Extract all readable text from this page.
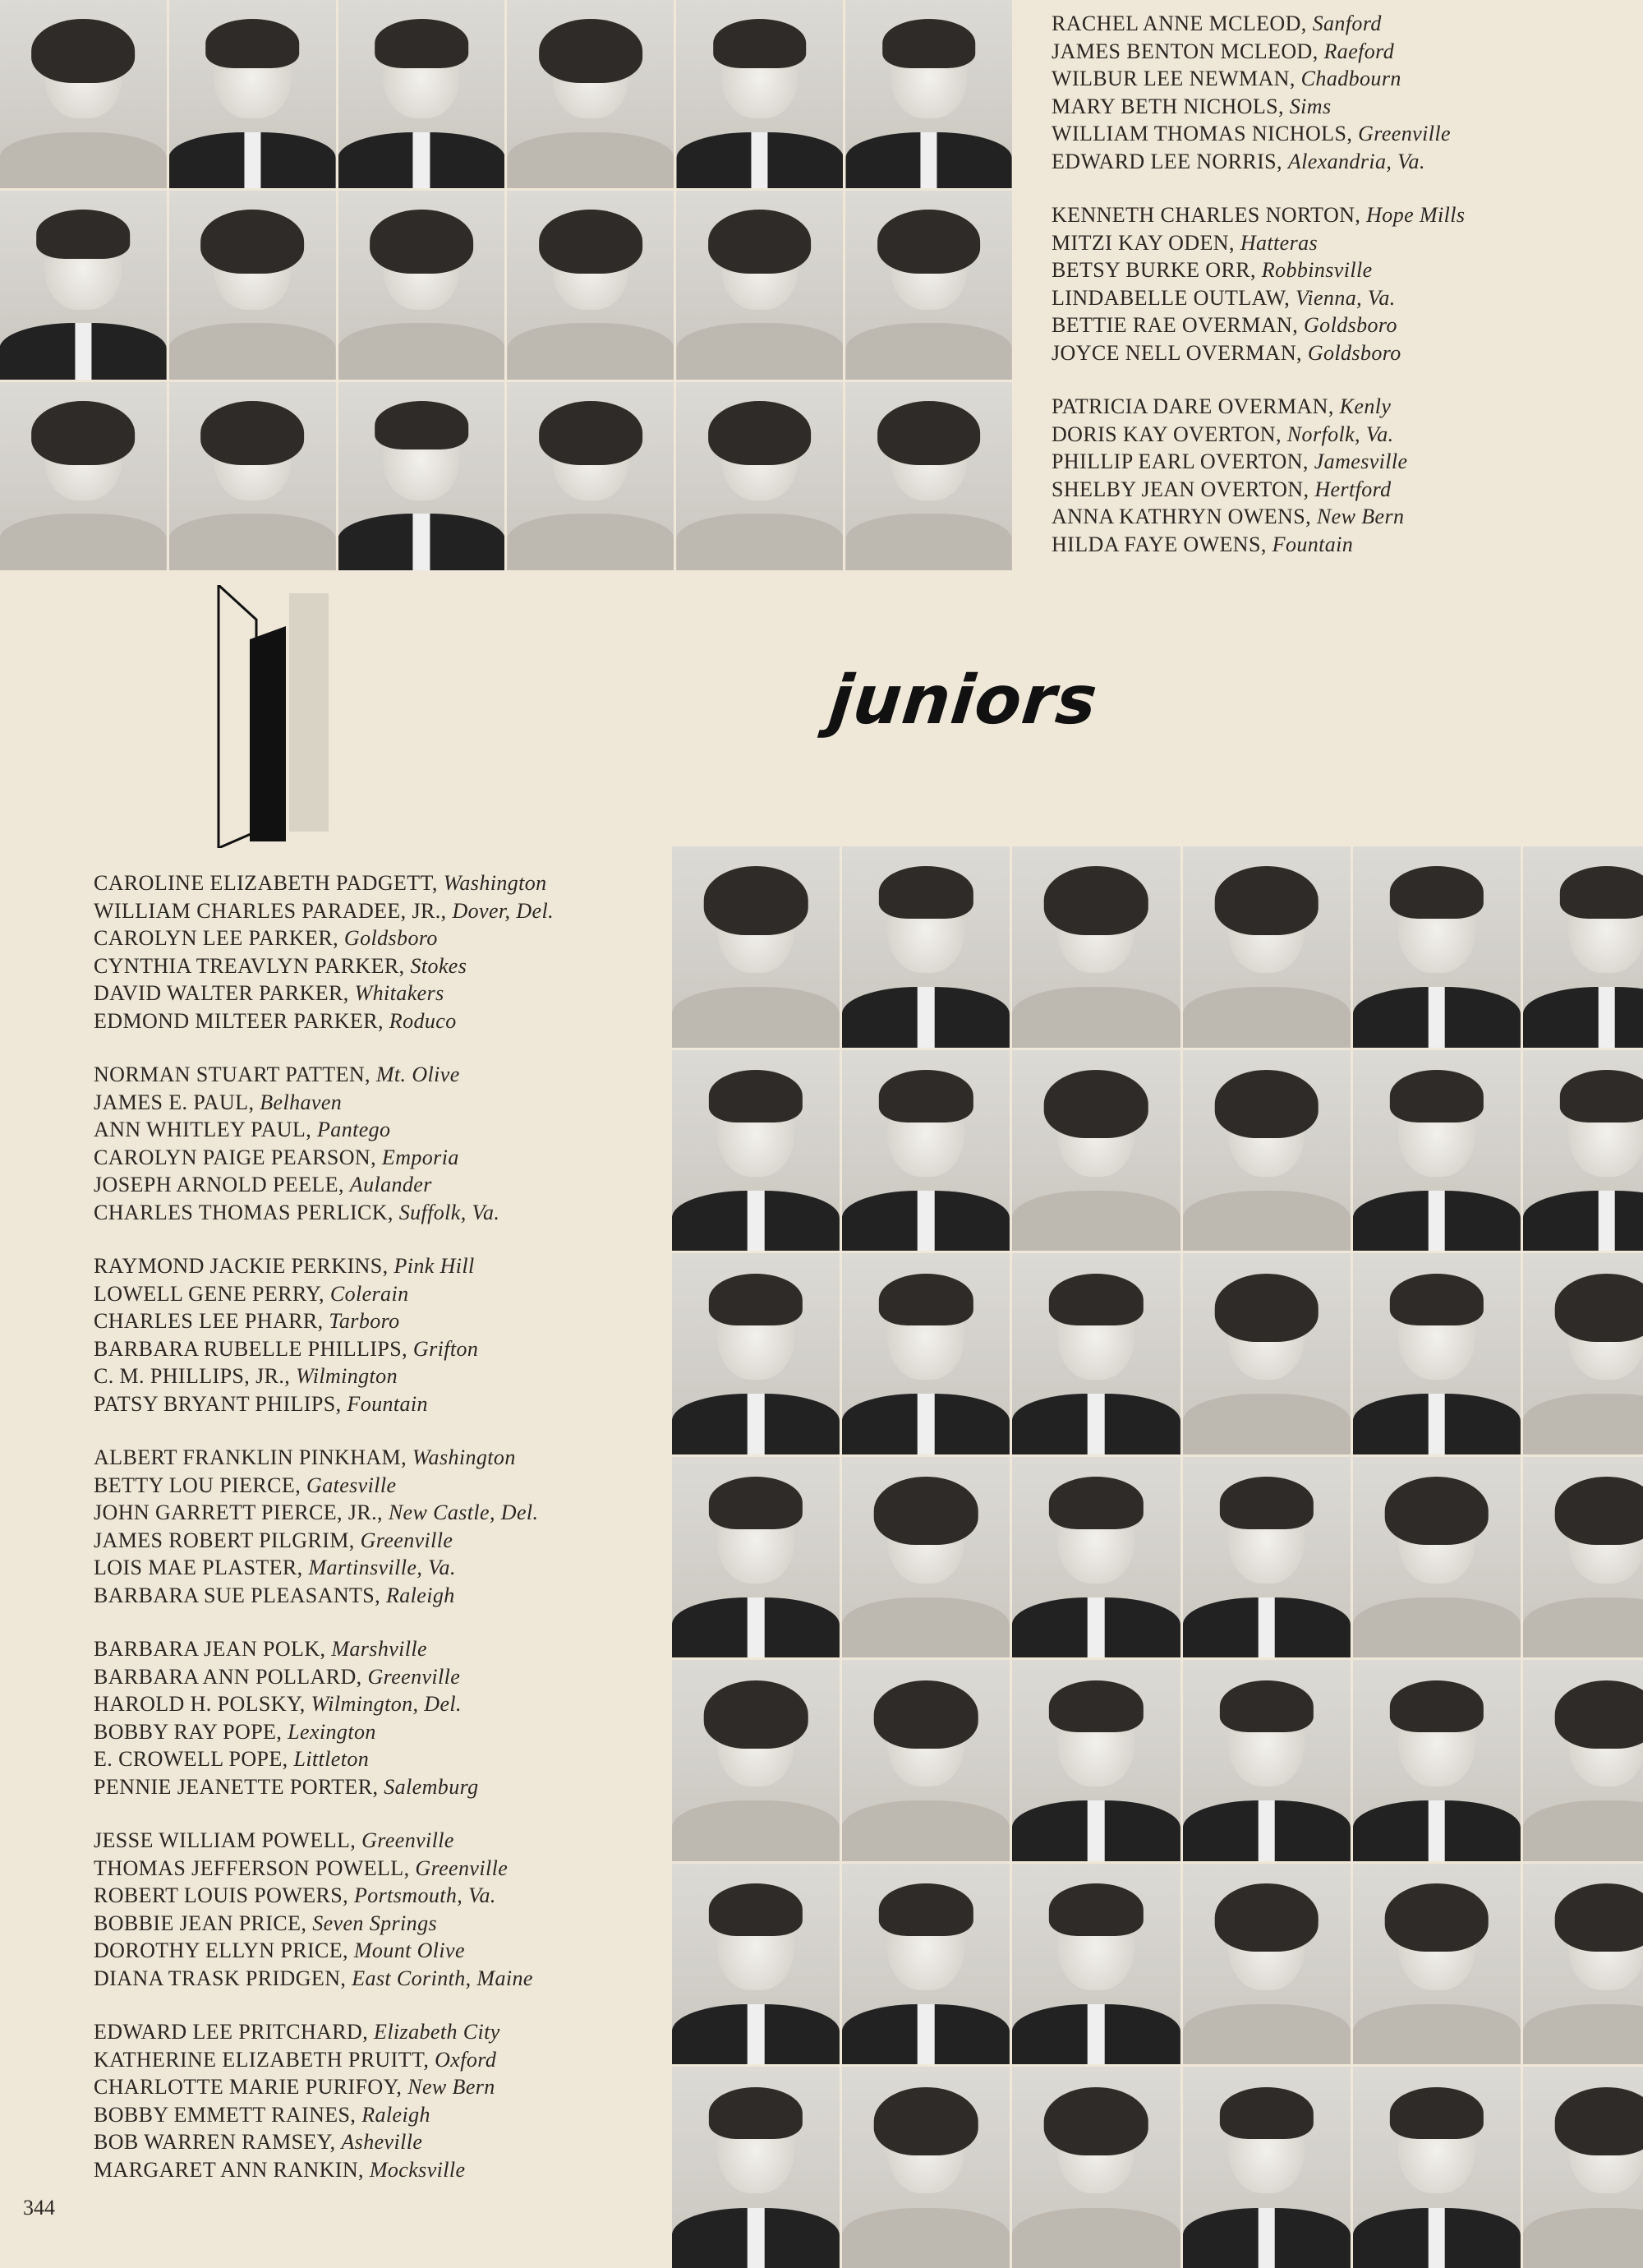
RACHEL ANNE MCLEOD, Sanford
JAMES BENTON MCLEOD, Raeford
WILBUR LEE NEWMAN, Chadbourn
MARY BETH NICHOLS, Sims
WILLIAM THOMAS NICHOLS, Greenville
EDWARD LEE NORRIS, Alexandria, Va.
KENNETH CHARLES NORTON, Hope Mills
MITZI KAY ODEN, Hatteras
BETSY BURKE ORR, Robbinsville
LINDABELLE OUTLAW, Vienna, Va.
BETTIE RAE OVERMAN, Goldsboro
JOYCE NELL OVERMAN, Goldsboro
PATRICIA DARE OVERMAN, Kenly
DORIS KAY OVERTON, Norfolk, Va.
PHILLIP EARL OVERTON, Jamesville
SHELBY JEAN OVERTON, Hertford
ANNA KATHRYN OWENS, New Bern
HILDA FAYE OWENS, Fountain
juniors
CAROLINE ELIZABETH PADGETT, Washington
WILLIAM CHARLES PARADEE, JR., Dover, Del.
CAROLYN LEE PARKER, Goldsboro
CYNTHIA TREAVLYN PARKER, Stokes
DAVID WALTER PARKER, Whitakers
EDMOND MILTEER PARKER, Roduco
NORMAN STUART PATTEN, Mt. Olive
JAMES E. PAUL, Belhaven
ANN WHITLEY PAUL, Pantego
CAROLYN PAIGE PEARSON, Emporia
JOSEPH ARNOLD PEELE, Aulander
CHARLES THOMAS PERLICK, Suffolk, Va.
RAYMOND JACKIE PERKINS, Pink Hill
LOWELL GENE PERRY, Colerain
CHARLES LEE PHARR, Tarboro
BARBARA RUBELLE PHILLIPS, Grifton
C. M. PHILLIPS, JR., Wilmington
PATSY BRYANT PHILIPS, Fountain
ALBERT FRANKLIN PINKHAM, Washington
BETTY LOU PIERCE, Gatesville
JOHN GARRETT PIERCE, JR., New Castle, Del.
JAMES ROBERT PILGRIM, Greenville
LOIS MAE PLASTER, Martinsville, Va.
BARBARA SUE PLEASANTS, Raleigh
BARBARA JEAN POLK, Marshville
BARBARA ANN POLLARD, Greenville
HAROLD H. POLSKY, Wilmington, Del.
BOBBY RAY POPE, Lexington
E. CROWELL POPE, Littleton
PENNIE JEANETTE PORTER, Salemburg
JESSE WILLIAM POWELL, Greenville
THOMAS JEFFERSON POWELL, Greenville
ROBERT LOUIS POWERS, Portsmouth, Va.
BOBBIE JEAN PRICE, Seven Springs
DOROTHY ELLYN PRICE, Mount Olive
DIANA TRASK PRIDGEN, East Corinth, Maine
EDWARD LEE PRITCHARD, Elizabeth City
KATHERINE ELIZABETH PRUITT, Oxford
CHARLOTTE MARIE PURIFOY, New Bern
BOBBY EMMETT RAINES, Raleigh
BOB WARREN RAMSEY, Asheville
MARGARET ANN RANKIN, Mocksville
344
